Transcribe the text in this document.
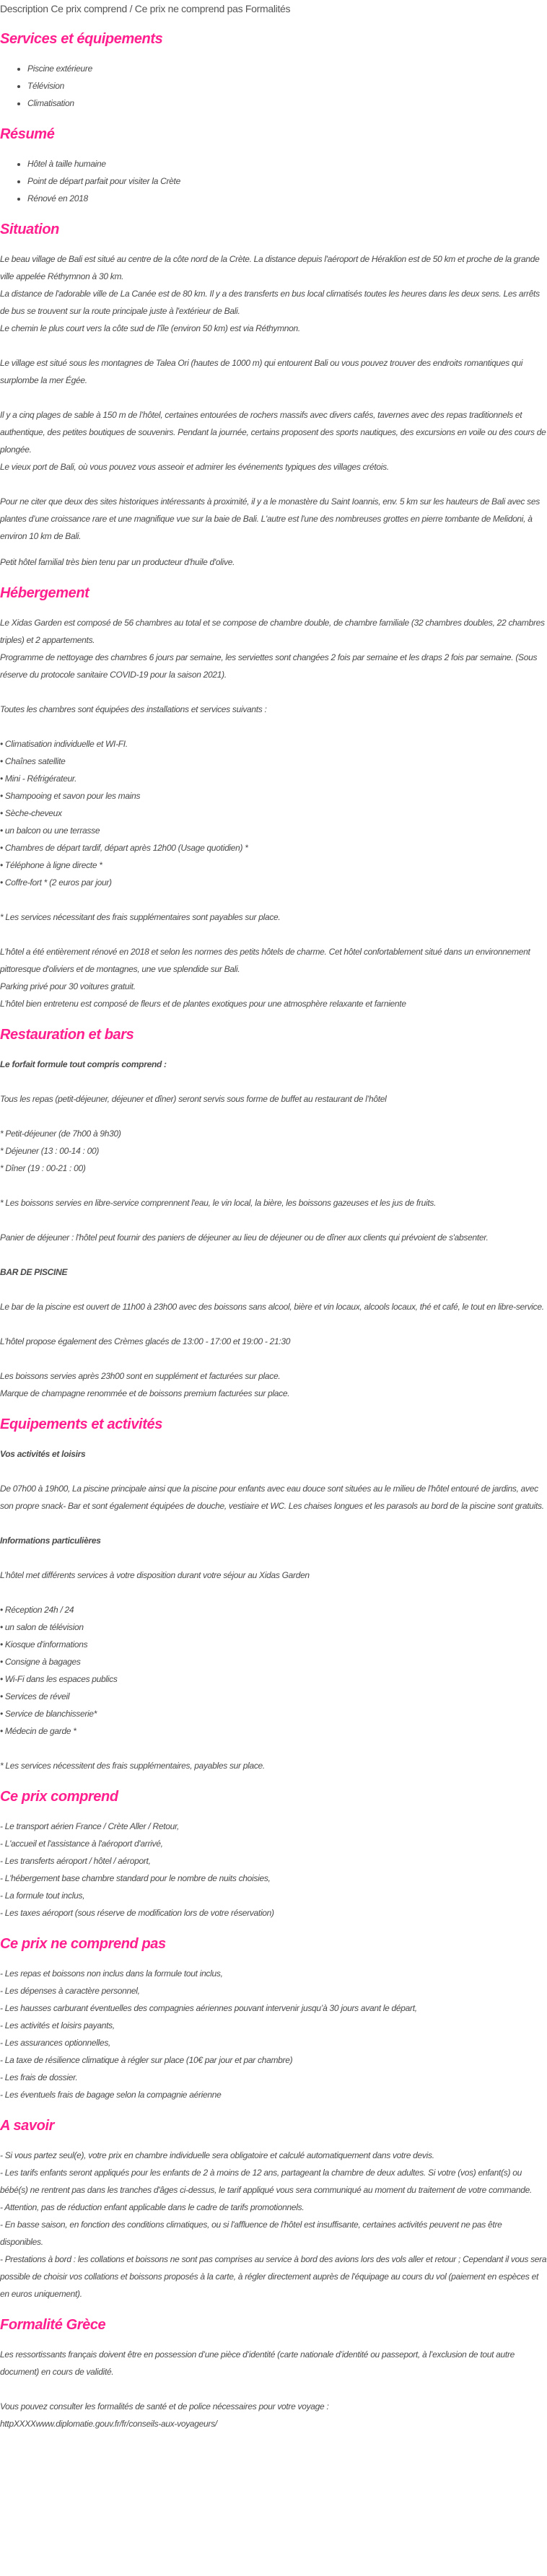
Description Ce prix comprend / Ce prix ne comprend pas Formalités
Services et équipements
• Piscine extérieure
• Télévision
• Climatisation
Résumé
• Hôtel à taille humaine
• Point de départ parfait pour visiter la Crète
• Rénové en 2018
Situation

Le beau village de Bali est situé au centre de la côte nord de la Crète. La distance depuis l'aéroport de Héraklion est de 50 km et proche de la grande ville appelée Réthymnon à 30 km.
La distance de l'adorable ville de La Canée est de 80 km. Il y a des transferts en bus local climatisés toutes les heures dans les deux sens. Les arrêts de bus se trouvent sur la route principale juste à l'extérieur de Bali.
Le chemin le plus court vers la côte sud de l'île (environ 50 km) est via Réthymnon.

Le village est situé sous les montagnes de Talea Ori (hautes de 1000 m) qui entourent Bali ou vous pouvez trouver des endroits romantiques qui surplombe la mer Égée.

Il y a cinq plages de sable à 150 m de l’hôtel, certaines entourées de rochers massifs avec divers cafés, tavernes avec des repas traditionnels et authentique, des petites boutiques de souvenirs. Pendant la journée, certains proposent des sports nautiques, des excursions en voile ou des cours de plongée.
Le vieux port de Bali, où vous pouvez vous asseoir et admirer les événements typiques des villages crétois.

Pour ne citer que deux des sites historiques intéressants à proximité, il y a le monastère du Saint Ioannis, env. 5 km sur les hauteurs de Bali avec ses plantes d’une croissance rare et une magnifique vue sur la baie de Bali. L'autre est l'une des nombreuses grottes en pierre tombante de Melidoni, à environ 10 km de Bali.

Petit hôtel familial très bien tenu par un producteur d'huile d'olive.

Hébergement

Le Xidas Garden est composé de 56 chambres au total et se compose de chambre double, de chambre familiale (32 chambres doubles, 22 chambres triples) et 2 appartements.
Programme de nettoyage des chambres 6 jours par semaine, les serviettes sont changées 2 fois par semaine et les draps 2 fois par semaine. (Sous réserve du protocole sanitaire COVID-19 pour la saison 2021).

Toutes les chambres sont équipées des installations et services suivants :

• Climatisation individuelle et WI-FI.
• Chaînes satellite
• Mini - Réfrigérateur.
• Shampooing et savon pour les mains
• Sèche-cheveux
• un balcon ou une terrasse
• Chambres de départ tardif, départ après 12h00 (Usage quotidien) *
• Téléphone à ligne directe *
• Coffre-fort * (2 euros par jour)

* Les services nécessitant des frais supplémentaires sont payables sur place.

L'hôtel a été entièrement rénové en 2018 et selon les normes des petits hôtels de charme. Cet hôtel confortablement situé dans un environnement pittoresque d'oliviers et de montagnes, une vue splendide sur Bali.
Parking privé pour 30 voitures gratuit.
L'hôtel bien entretenu est composé de fleurs et de plantes exotiques pour une atmosphère relaxante et farniente

Restauration et bars

Le forfait formule tout compris comprend :

Tous les repas (petit-déjeuner, déjeuner et dîner) seront servis sous forme de buffet au restaurant de l’hôtel

* Petit-déjeuner (de 7h00 à 9h30)
* Déjeuner (13 : 00-14 : 00)
* Dîner (19 : 00-21 : 00)

* Les boissons servies en libre-service comprennent l'eau, le vin local, la bière, les boissons gazeuses et les jus de fruits.

Panier de déjeuner : l'hôtel peut fournir des paniers de déjeuner au lieu de déjeuner ou de dîner aux clients qui prévoient de s'absenter.

BAR DE PISCINE

Le bar de la piscine est ouvert de 11h00 à 23h00 avec des boissons sans alcool, bière et vin locaux, alcools locaux, thé et café, le tout en libre-service.

L'hôtel propose également des Crèmes glacés de 13:00 - 17:00 et 19:00 - 21:30

Les boissons servies après 23h00 sont en supplément et facturées sur place.
Marque de champagne renommée et de boissons premium facturées sur place.

Equipements et activités

Vos activités et loisirs

De 07h00 à 19h00, La piscine principale ainsi que la piscine pour enfants avec eau douce sont situées au le milieu de l'hôtel entouré de jardins, avec son propre snack- Bar et sont également équipées de douche, vestiaire et WC. Les chaises longues et les parasols au bord de la piscine sont gratuits.

Informations particulières

L’hôtel met différents services à votre disposition durant votre séjour au Xidas Garden

• Réception 24h / 24
• un salon de télévision
• Kiosque d'informations
• Consigne à bagages
• Wi-Fi dans les espaces publics
• Services de réveil
• Service de blanchisserie*
• Médecin de garde *

* Les services nécessitent des frais supplémentaires, payables sur place.

Ce prix comprend
- Le transport aérien France / Crète Aller / Retour,
- L'accueil et l'assistance à l'aéroport d'arrivé,
- Les transferts aéroport / hôtel / aéroport,
- L'hébergement base chambre standard pour le nombre de nuits choisies,
- La formule tout inclus,
- Les taxes aéroport (sous réserve de modification lors de votre réservation)
Ce prix ne comprend pas
- Les repas et boissons non inclus dans la formule tout inclus,
- Les dépenses à caractère personnel,
- Les hausses carburant éventuelles des compagnies aériennes pouvant intervenir jusqu’à 30 jours avant le départ,
- Les activités et loisirs payants,
- Les assurances optionnelles,
- La taxe de résilience climatique à régler sur place (10€ par jour et par chambre)
- Les frais de dossier.
- Les éventuels frais de bagage selon la compagnie aérienne
A savoir
- Si vous partez seul(e), votre prix en chambre individuelle sera obligatoire et calculé automatiquement dans votre devis.
- Les tarifs enfants seront appliqués pour les enfants de 2 à moins de 12 ans, partageant la chambre de deux adultes. Si votre (vos) enfant(s) ou bébé(s) ne rentrent pas dans les tranches d'âges ci-dessus, le tarif appliqué vous sera communiqué au moment du traitement de votre commande.
- Attention, pas de réduction enfant applicable dans le cadre de tarifs promotionnels.
- En basse saison, en fonction des conditions climatiques, ou si l'affluence de l'hôtel est insuffisante, certaines activités peuvent ne pas être disponibles.
- Prestations à bord : les collations et boissons ne sont pas comprises au service à bord des avions lors des vols aller et retour ; Cependant il vous sera possible de choisir vos collations et boissons proposés à la carte, à régler directement auprès de l'équipage au cours du vol (paiement en espèces et en euros uniquement).
Formalité Grèce

Les ressortissants français doivent être en possession d’une pièce d’identité (carte nationale d’identité ou passeport, à l’exclusion de tout autre document) en cours de validité.

Vous pouvez consulter les formalités de santé et de police nécessaires pour votre voyage :
httpXXXXwww.diplomatie.gouv.fr/fr/conseils-aux-voyageurs/
